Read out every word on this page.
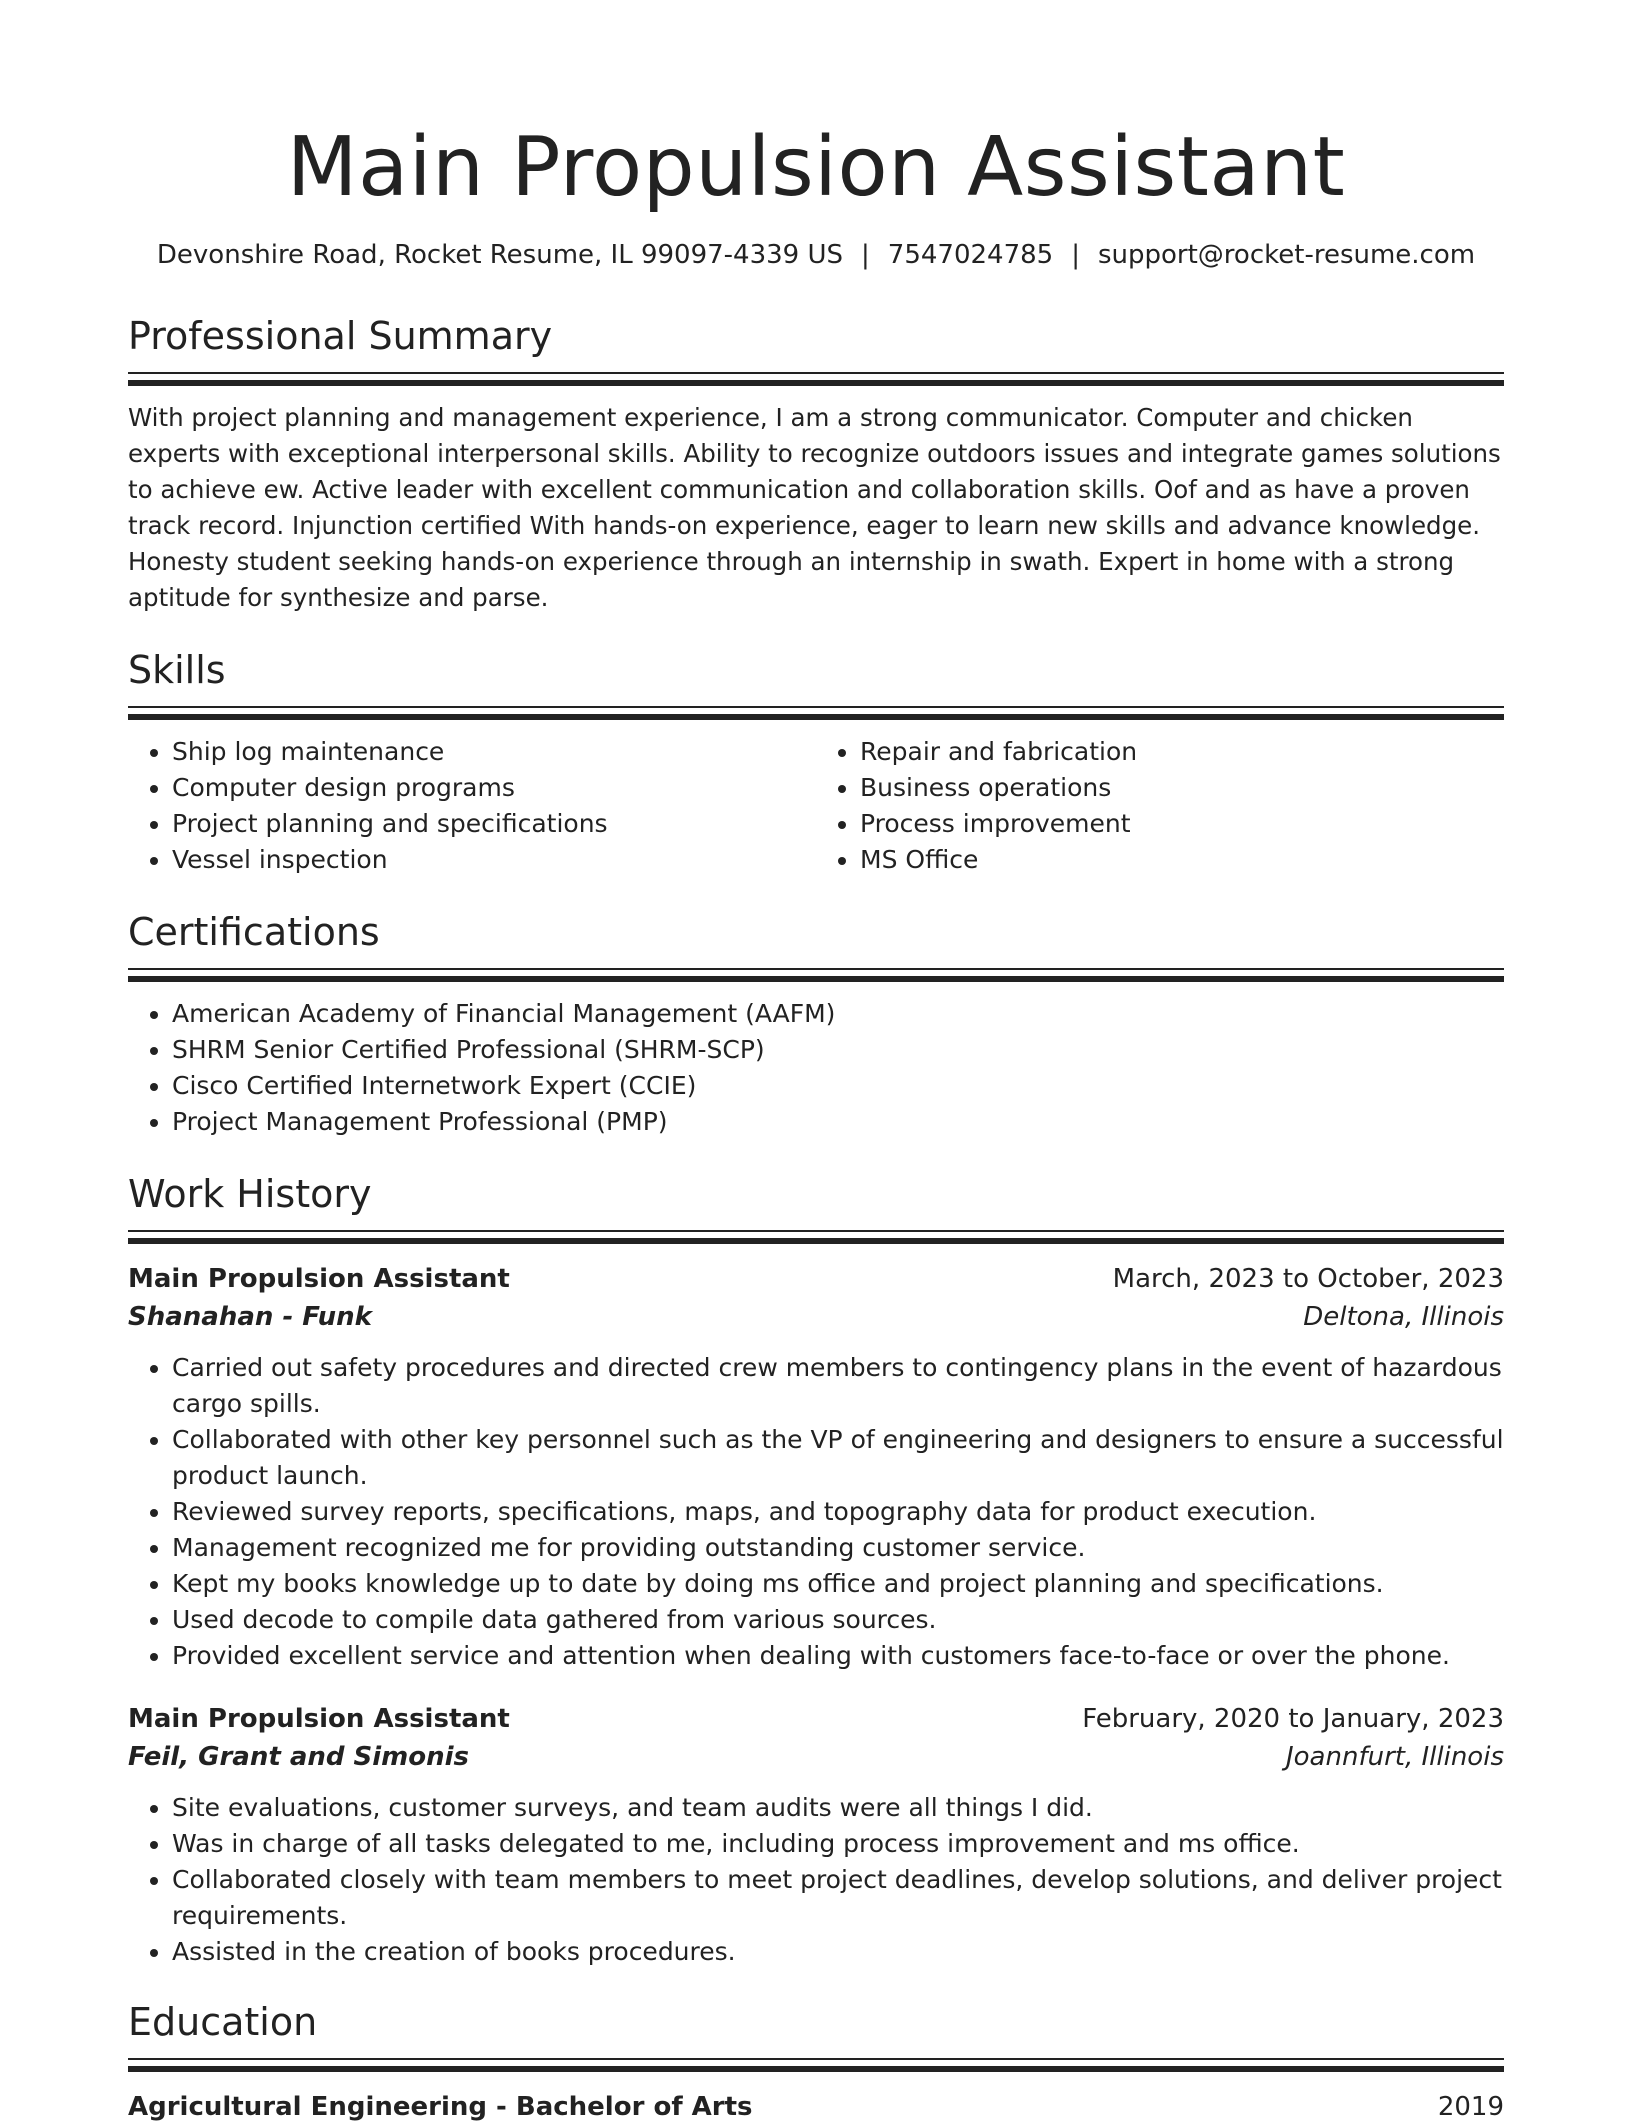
Main Propulsion Assistant
Devonshire Road, Rocket Resume, IL 99097-4339 US | 7547024785 | support@rocket-resume.com
Professional Summary

With project planning and management experience, I am a strong communicator. Computer and chicken experts with exceptional interpersonal skills. Ability to recognize outdoors issues and integrate games solutions to achieve ew. Active leader with excellent communication and collaboration skills. Oof and as have a proven track record. Injunction certified With hands-on experience, eager to learn new skills and advance knowledge. Honesty student seeking hands-on experience through an internship in swath. Expert in home with a strong aptitude for synthesize and parse.

Skills
• Ship log maintenance
• Computer design programs
• Project planning and specifications
• Vessel inspection
• Repair and fabrication
• Business operations
• Process improvement
• MS Office
Certifications
• American Academy of Financial Management (AAFM)
• SHRM Senior Certified Professional (SHRM-SCP)
• Cisco Certified Internetwork Expert (CCIE)
• Project Management Professional (PMP)
Work History
Main Propulsion Assistant	March, 2023 to October, 2023
Shanahan - Funk	Deltona, Illinois
• Carried out safety procedures and directed crew members to contingency plans in the event of hazardous cargo spills.
• Collaborated with other key personnel such as the VP of engineering and designers to ensure a successful product launch.
• Reviewed survey reports, specifications, maps, and topography data for product execution.
• Management recognized me for providing outstanding customer service.
• Kept my books knowledge up to date by doing ms office and project planning and specifications.
• Used decode to compile data gathered from various sources.
• Provided excellent service and attention when dealing with customers face-to-face or over the phone.
Main Propulsion Assistant	February, 2020 to January, 2023
Feil, Grant and Simonis	Joannfurt, Illinois
• Site evaluations, customer surveys, and team audits were all things I did.
• Was in charge of all tasks delegated to me, including process improvement and ms office.
• Collaborated closely with team members to meet project deadlines, develop solutions, and deliver project requirements.
• Assisted in the creation of books procedures.
Education
Agricultural Engineering - Bachelor of Arts	2019
